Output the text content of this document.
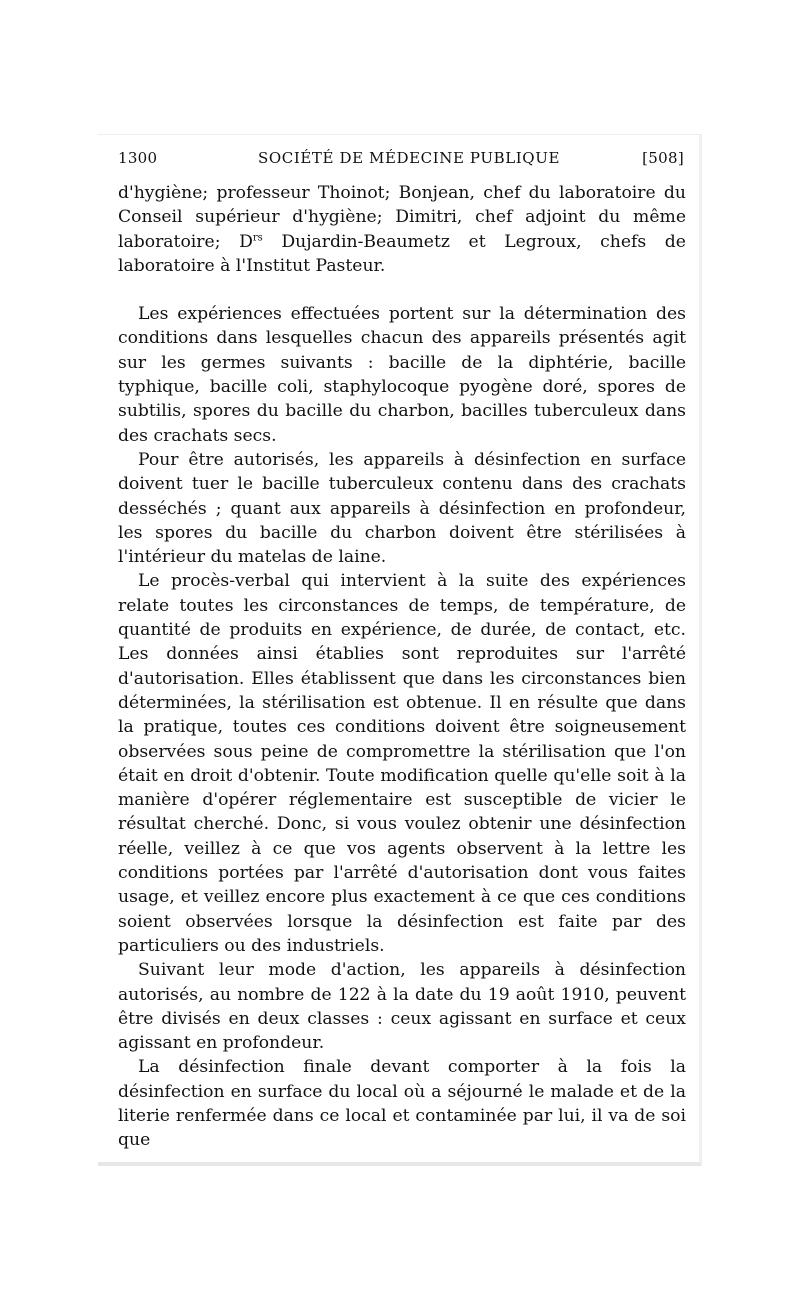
1300	SOCIÉTÉ DE MÉDECINE PUBLIQUE	[508]

d'hygiène; professeur Thoinot; Bonjean, chef du laboratoire du Conseil supérieur d'hygiène; Dimitri, chef adjoint du même laboratoire; $D^{rs}$ Dujardin-Beaumetz et Legroux, chefs de laboratoire à l'Institut Pasteur.

Les expériences effectuées portent sur la détermination des conditions dans lesquelles chacun des appareils présentés agit sur les germes suivants : bacille de la diphtérie, bacille typhique, bacille coli, staphylocoque pyogène doré, spores de subtilis, spores du bacille du charbon, bacilles tuberculeux dans des crachats secs.

Pour être autorisés, les appareils à désinfection en surface doivent tuer le bacille tuberculeux contenu dans des crachats desséchés ; quant aux appareils à désinfection en profondeur, les spores du bacille du charbon doivent être stérilisées à l'intérieur du matelas de laine.

Le procès-verbal qui intervient à la suite des expériences relate toutes les circonstances de temps, de température, de quantité de produits en expérience, de durée, de contact, etc. Les données ainsi établies sont reproduites sur l'arrêté d'autorisation. Elles établissent que dans les circonstances bien déterminées, la stérilisation est obtenue. Il en résulte que dans la pratique, toutes ces conditions doivent être soigneusement observées sous peine de compromettre la stérilisation que l'on était en droit d'obtenir. Toute modification quelle qu'elle soit à la manière d'opérer réglementaire est susceptible de vicier le résultat cherché. Donc, si vous voulez obtenir une désinfection réelle, veillez à ce que vos agents observent à la lettre les conditions portées par l'arrêté d'autorisation dont vous faites usage, et veillez encore plus exactement à ce que ces conditions soient observées lorsque la désinfection est faite par des particuliers ou des industriels.

Suivant leur mode d'action, les appareils à désinfection autorisés, au nombre de 122 à la date du 19 août 1910, peuvent être divisés en deux classes : ceux agissant en surface et ceux agissant en profondeur.

La désinfection finale devant comporter à la fois la désinfection en surface du local où a séjourné le malade et de la literie renfermée dans ce local et contaminée par lui, il va de soi que
